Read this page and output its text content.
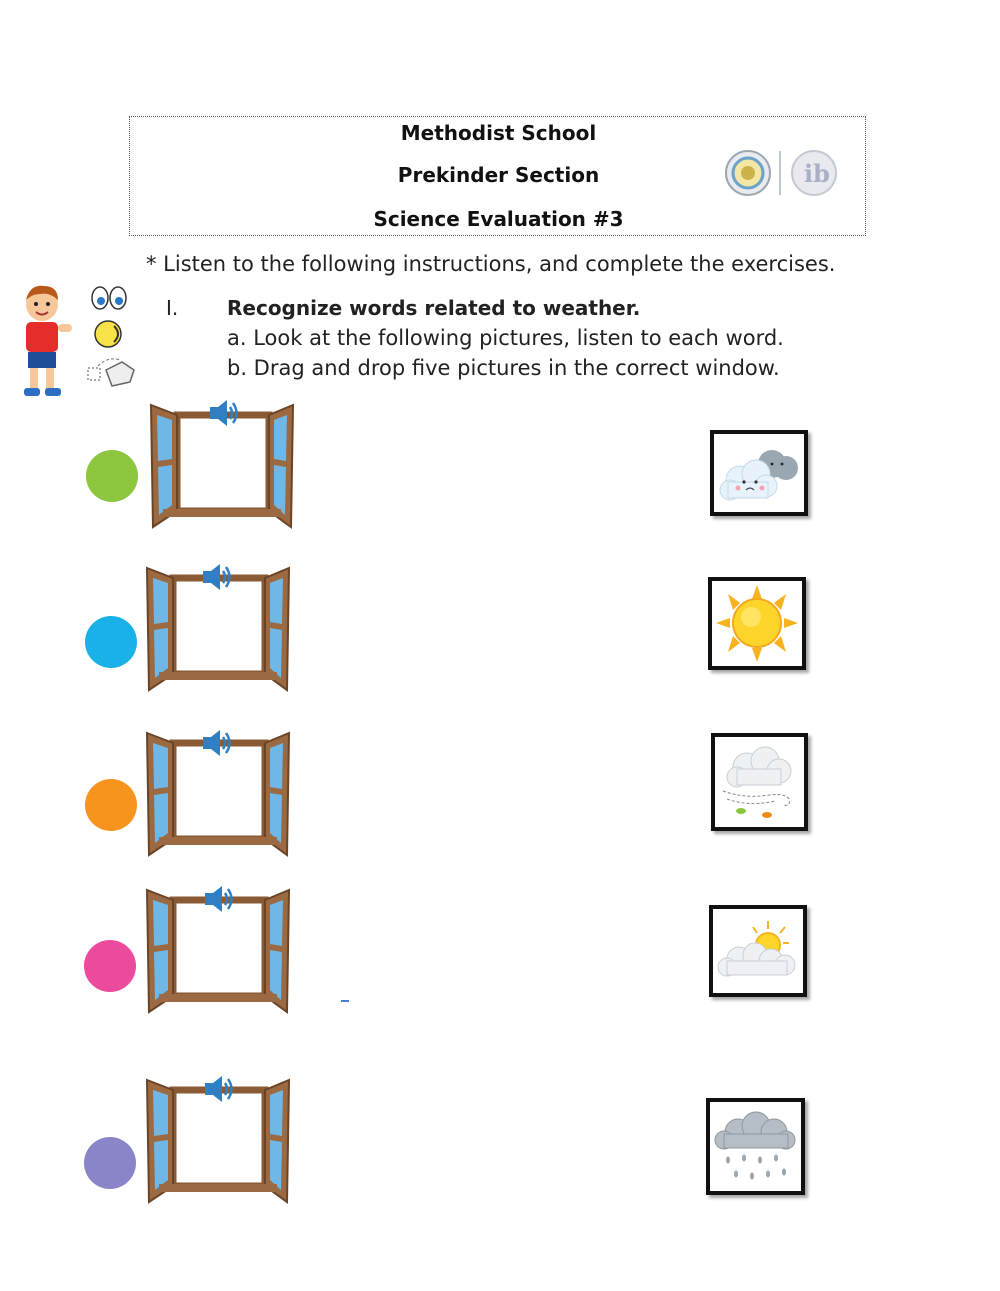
Methodist School
Prekinder Section
Science Evaluation #3
ib
* Listen to the following instructions, and complete the exercises.
I. Recognize words related to weather.
a. Look at the following pictures, listen to each word.
b. Drag and drop five pictures in the correct window.
